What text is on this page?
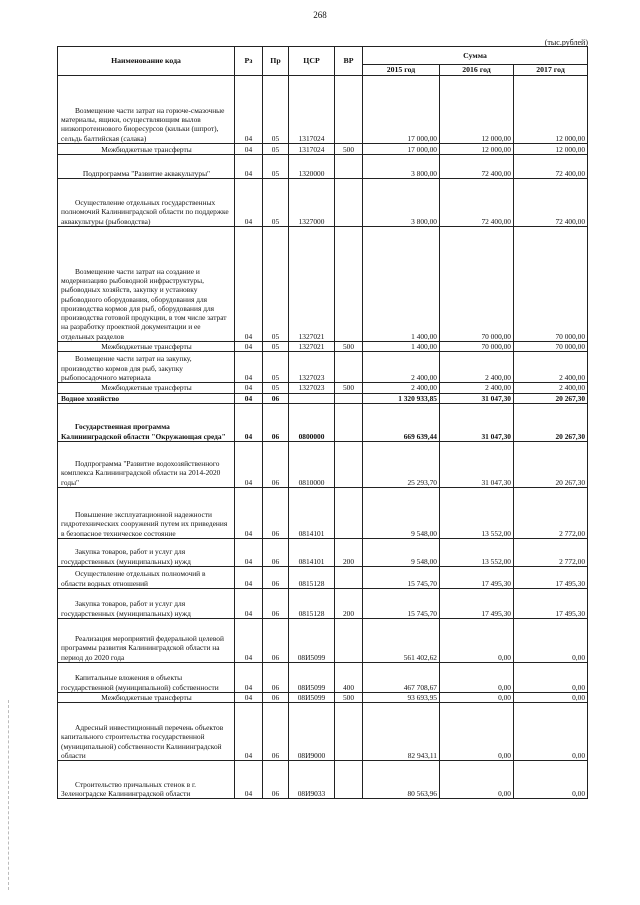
268
(тыс.рублей)
Наименование кода	Рз	Пр	ЦСР	ВР	Сумма		
					2015 год	2016 год	2017 год
Возмещение части затрат на горюче-смазочные материалы, ящики, осуществляющим вылов низкопротеинового биоресурсов (кильки (шпрот), сельдь балтийская (салака)	04	05	1317024		17 000,00	12 000,00	12 000,00
Межбюджетные трансферты	04	05	1317024	500	17 000,00	12 000,00	12 000,00
Подпрограмма "Развитие аквакультуры"	04	05	1320000		3 800,00	72 400,00	72 400,00
Осуществление отдельных государственных полномочий Калининградской области по поддержке аквакультуры (рыбоводства)	04	05	1327000		3 800,00	72 400,00	72 400,00
Возмещение части затрат на создание и модернизацию рыбоводной инфраструктуры, рыбоводных хозяйств, закупку и установку рыбоводного оборудования, оборудования для производства кормов для рыб, оборудования для производства готовой продукции, в том числе затрат на разработку проектной документации и ее отдельных разделов	04	05	1327021		1 400,00	70 000,00	70 000,00
Межбюджетные трансферты	04	05	1327021	500	1 400,00	70 000,00	70 000,00
Возмещение части затрат на закупку, производство кормов для рыб, закупку рыбопосадочного материала	04	05	1327023		2 400,00	2 400,00	2 400,00
Межбюджетные трансферты	04	05	1327023	500	2 400,00	2 400,00	2 400,00
Водное хозяйство	04	06			1 320 933,85	31 047,30	20 267,30
Государственная программа Калининградской области "Окружающая среда"	04	06	0800000		669 639,44	31 047,30	20 267,30
Подпрограмма "Развитие водохозяйственного комплекса Калининградской области на 2014-2020 годы"	04	06	0810000		25 293,70	31 047,30	20 267,30
Повышение эксплуатационной надежности гидротехнических сооружений путем их приведения в безопасное техническое состояние	04	06	0814101		9 548,00	13 552,00	2 772,00
Закупка товаров, работ и услуг для государственных (муниципальных) нужд	04	06	0814101	200	9 548,00	13 552,00	2 772,00
Осуществление отдельных полномочий в области водных отношений	04	06	0815128		15 745,70	17 495,30	17 495,30
Закупка товаров, работ и услуг для государственных (муниципальных) нужд	04	06	0815128	200	15 745,70	17 495,30	17 495,30
Реализация мероприятий федеральной целевой программы развития Калининградской области на период до 2020 года	04	06	08И5099		561 402,62	0,00	0,00
Капитальные вложения в объекты государственной (муниципальной) собственности	04	06	08И5099	400	467 708,67	0,00	0,00
Межбюджетные трансферты	04	06	08И5099	500	93 693,95	0,00	0,00
Адресный инвестиционный перечень объектов капитального строительства государственной (муниципальной) собственности Калининградской области	04	06	08И9000		82 943,11	0,00	0,00
Строительство причальных стенок в г. Зеленоградске Калининградской области	04	06	08И9033		80 563,96	0,00	0,00
